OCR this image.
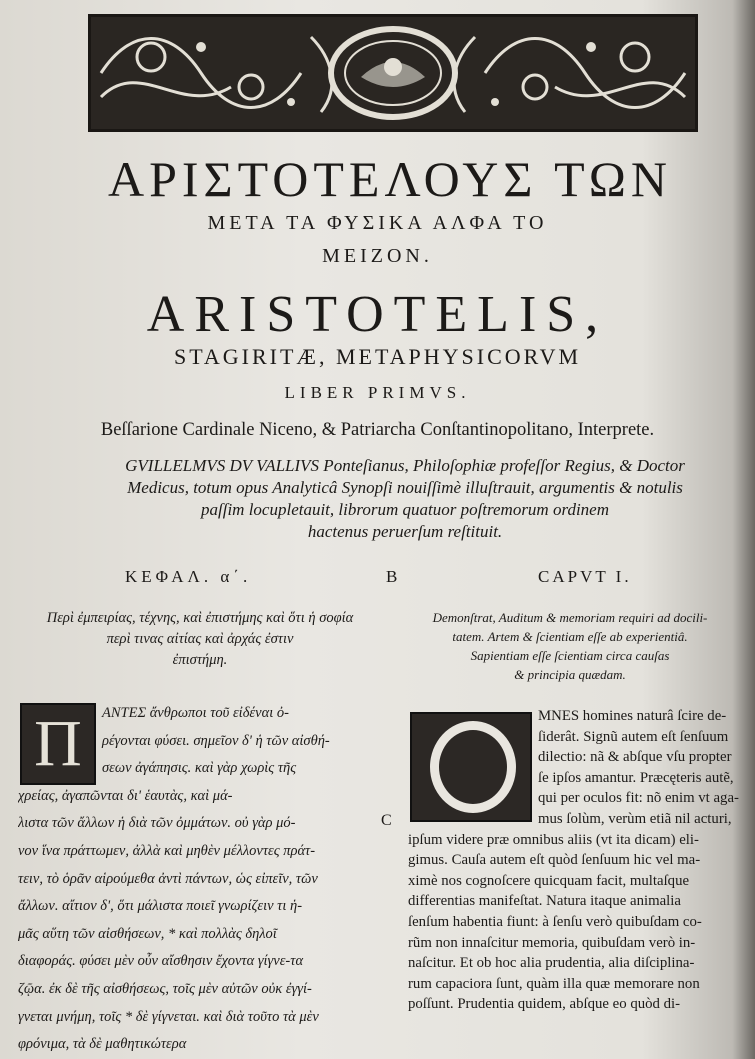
ΑΡΙΣΤΟΤΕΛΟΥΣ ΤΩΝ
ΜΕΤΑ ΤΑ ΦΥΣΙΚΑ ΑΛΦΑ ΤΟ
ΜΕΙΖΟΝ.
ARISTOTELIS,
STAGIRITÆ, METAPHYSICORVM
LIBER PRIMVS.
Beſſarione Cardinale Niceno, & Patriarcha Conſtantinopolitano, Interprete.
GVILLELMVS DV VALLIVS Ponteſianus, Philoſophiæ profeſſor Regius, & Doctor
Medicus, totum opus Analyticâ Synopſi nouiſſimè illuſtrauit, argumentis & notulis
paſſim locupletauit, librorum quatuor poſtremorum ordinem
hactenus peruerſum reſtituit.
ΚΕΦΑΛ. α΄.	B	CAPVT I.
Περὶ ἐμπειρίας, τέχνης, καὶ ἐπιστήμης καὶ ὅτι ἡ σοφία
περὶ τινας αἰτίας καὶ ἀρχάς ἐστιν
ἐπιστήμη.
Demonſtrat, Auditum & memoriam requiri ad docili-
tatem. Artem & ſcientiam eſſe ab experientiâ.
Sapientiam eſſe ſcientiam circa cauſas
& principia quædam.
C
Π	ΑΝΤΕΣ ἄνθρωποι τοῦ εἰδέναι ὀ-
ρέγονται φύσει. σημεῖον δ' ἡ τῶν αἰσθή-
σεων ἀγάπησις. καὶ γὰρ χωρὶς τῆς
χρείας, ἀγαπῶνται δι' ἑαυτὰς, καὶ μά-
λιστα τῶν ἄλλων ἡ διὰ τῶν ὀμμάτων. οὐ γὰρ μό-
νον ἵνα πράττωμεν, ἀλλὰ καὶ μηθὲν μέλλοντες πράτ-
τειν, τὸ ὁρᾶν αἱρούμεθα ἀντὶ πάντων, ὡς εἰπεῖν, τῶν
ἄλλων. αἴτιον δ', ὅτι μάλιστα ποιεῖ γνωρίζειν τι ἡ-
μᾶς αὕτη τῶν αἰσθήσεων, * καὶ πολλὰς δηλοῖ
διαφοράς. φύσει μὲν οὖν αἴσθησιν ἔχοντα γίγνε-τα
ζῷα. ἐκ δὲ τῆς αἰσθήσεως, τοῖς μὲν αὐτῶν οὐκ ἐγγί-
γνεται μνήμη, τοῖς * δὲ γίγνεται. καὶ διὰ τοῦτο τὰ μὲν
φρόνιμα, τὰ δὲ μαθητικώτερα
MNES homines naturâ ſcire de-
ſiderât. Signũ autem eſt ſenſuum
dilectio: nã & abſque vſu propter
ſe ipſos amantur. Præcęteris autẽ,
qui per oculos fit: nõ enim vt aga-
mus ſolùm, verùm etiã nil acturi,
ipſum videre præ omnibus aliis (vt ita dicam) eli-
gimus. Cauſa autem eſt quòd ſenſuum hic vel ma-
ximè nos cognoſcere quicquam facit, multaſque
differentias manifeſtat. Natura itaque animalia
ſenſum habentia fiunt: à ſenſu verò quibuſdam co-
rũm non innaſcitur memoria, quibuſdam verò in-
naſcitur. Et ob hoc alia prudentia, alia diſciplina-
rum capaciora ſunt, quàm illa quæ memorare non
poſſunt. Prudentia quidem, abſque eo quòd di-
